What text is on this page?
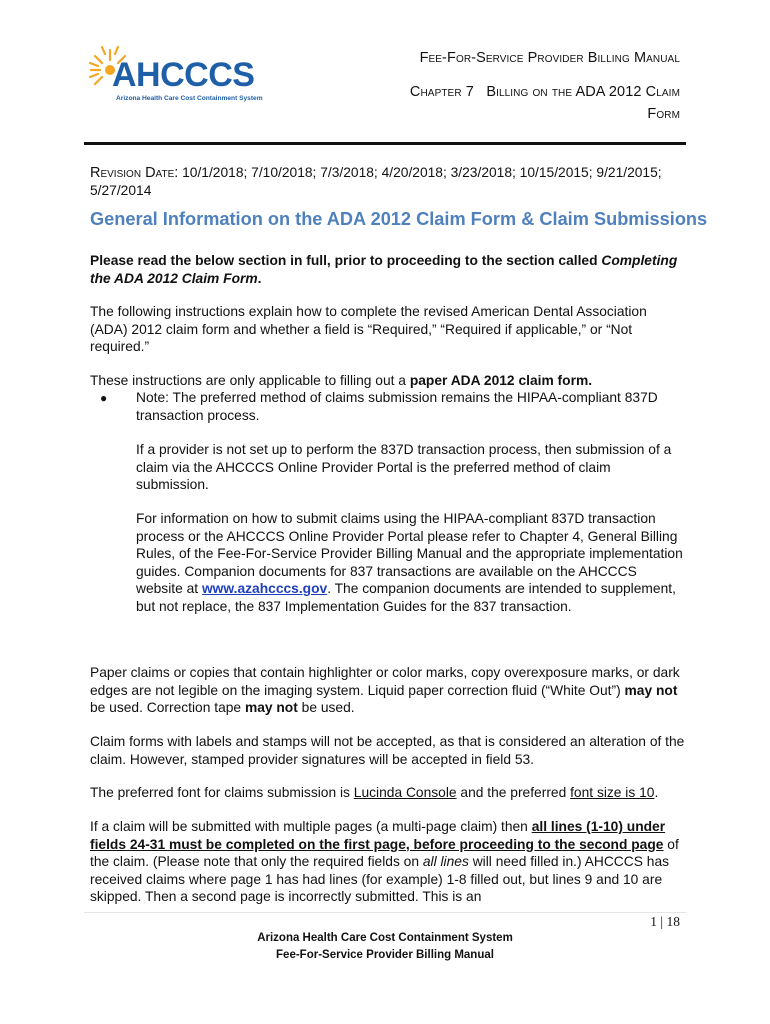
AHCCCS
Arizona Health Care Cost Containment System
Fee-For-Service Provider Billing Manual
Chapter 7   Billing on the ADA 2012 Claim
Form
Revision Date: 10/1/2018; 7/10/2018; 7/3/2018; 4/20/2018; 3/23/2018; 10/15/2015; 9/21/2015; 5/27/2014
General Information on the ADA 2012 Claim Form & Claim Submissions

Please read the below section in full, prior to proceeding to the section called Completing the ADA 2012 Claim Form.

The following instructions explain how to complete the revised American Dental Association (ADA) 2012 claim form and whether a field is “Required,” “Required if applicable,” or “Not required.”

These instructions are only applicable to filling out a paper ADA 2012 claim form.

● Note: The preferred method of claims submission remains the HIPAA-compliant 837D transaction process.

If a provider is not set up to perform the 837D transaction process, then submission of a claim via the AHCCCS Online Provider Portal is the preferred method of claim submission.

For information on how to submit claims using the HIPAA-compliant 837D transaction process or the AHCCCS Online Provider Portal please refer to Chapter 4, General Billing Rules, of the Fee-For-Service Provider Billing Manual and the appropriate implementation guides. Companion documents for 837 transactions are available on the AHCCCS website at www.azahcccs.gov. The companion documents are intended to supplement, but not replace, the 837 Implementation Guides for the 837 transaction.

Paper claims or copies that contain highlighter or color marks, copy overexposure marks, or dark edges are not legible on the imaging system. Liquid paper correction fluid (“White Out”) may not be used. Correction tape may not be used.

Claim forms with labels and stamps will not be accepted, as that is considered an alteration of the claim. However, stamped provider signatures will be accepted in field 53.

The preferred font for claims submission is Lucinda Console and the preferred font size is 10.

If a claim will be submitted with multiple pages (a multi-page claim) then all lines (1-10) under fields 24-31 must be completed on the first page, before proceeding to the second page of the claim. (Please note that only the required fields on all lines will need filled in.) AHCCCS has received claims where page 1 has had lines (for example) 1-8 filled out, but lines 9 and 10 are skipped. Then a second page is incorrectly submitted. This is an

1 | 18
Arizona Health Care Cost Containment System
Fee-For-Service Provider Billing Manual
